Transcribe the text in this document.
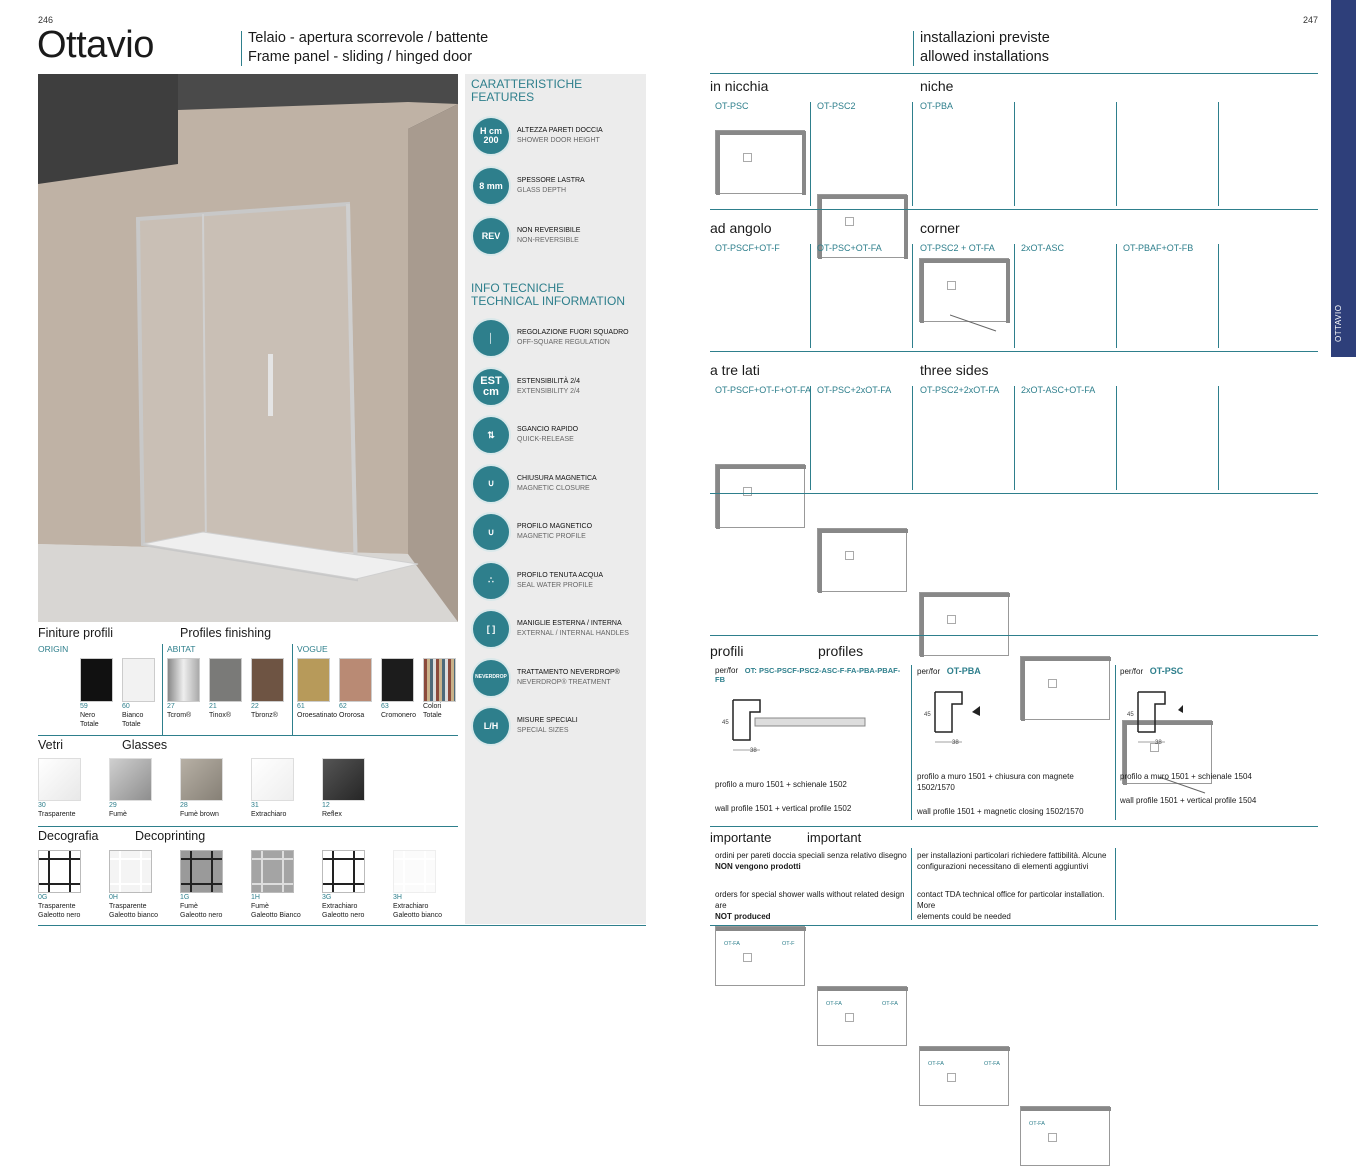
246
Ottavio	Telaio - apertura scorrevole / battente
Frame panel - sliding / hinged door
CARATTERISTICHE
FEATURES
H cm 200
ALTEZZA PARETI DOCCIA
SHOWER DOOR HEIGHT
8 mm SPESSORE LASTRA
GLASS DEPTH
REV NON REVERSIBILE
NON-REVERSIBLE
INFO TECNICHE
TECHNICAL INFORMATION
│	REGOLAZIONE FUORI SQUADRO
OFF-SQUARE REGULATION
EST cm
ESTENSIBILITÀ 2/4
EXTENSIBILITY 2/4
⇅	SGANCIO RAPIDO
QUICK-RELEASE
∪	CHIUSURA MAGNETICA
MAGNETIC CLOSURE
∪	PROFILO MAGNETICO
MAGNETIC PROFILE
∴	PROFILO TENUTA ACQUA
SEAL WATER PROFILE
[ ]	MANIGLIE ESTERNA / INTERNA
EXTERNAL / INTERNAL HANDLES
NEVERDROP
TRATTAMENTO NEVERDROP®
NEVERDROP® TREATMENT
L/H	MISURE SPECIALI
SPECIAL SIZES
Finiture profili	Profiles finishing
ORIGIN	ABITAT	VOGUE
59
Nero
Totale
60
Bianco
Totale
27
Tcrom®
21
Tinox®
22
Tbronz®
61
Oroesatinato
62
Ororosa
63
Cromonero
Colori
Totale
Vetri	Glasses
30
Trasparente
29
Fumè
28
Fumè brown
31
Extrachiaro
12
Reflex
Decografia	Decoprinting
0G
Trasparente
Galeotto nero
0H
Trasparente
Galeotto bianco
1G
Fumè
Galeotto nero
1H
Fumè
Galeotto Bianco
3G
Extrachiaro
Galeotto nero
3H
Extrachiaro
Galeotto bianco
247
installazioni previste
allowed installations
OTTAVIO
in nicchia	niche
OT-PSC	OT-PSC2	OT-PBA
ad angolo	corner
OT-PSCF+OT-F	OT-PSC+OT-FA	OT-PSC2 + OT-FA	2xOT-ASC	OT-PBAF+OT-FB
a tre lati	three sides
OT-PSCF+OT-F+OT-FA OT-PSC+2xOT-FA	OT-PSC2+2xOT-FA 2xOT-ASC+OT-FA
OT-FA	OT-F
OT-FA	OT-FA
OT-FA	OT-FA
OT-FA
profili	profiles
per/for OT: PSC-PSCF-PSC2-ASC-F-FA-PBA-PBAF-FB
38
45
profilo a muro 1501 + schienale 1502
wall profile 1501 + vertical profile 1502
per/for OT-PBA
38
45
profilo a muro 1501 + chiusura con magnete 1502/1570
wall profile 1501 + magnetic closing 1502/1570
per/for OT-PSC
38
45
profilo a muro 1501 + schienale 1504
wall profile 1501 + vertical profile 1504
importante	important
ordini per pareti doccia speciali senza relativo disegno
NON vengono prodotti
orders for special shower walls without related design are
NOT produced
per installazioni particolari richiedere fattibilità. Alcune
configurazioni necessitano di elementi aggiuntivi
contact TDA technical office for particolar installation. More
elements could be needed
